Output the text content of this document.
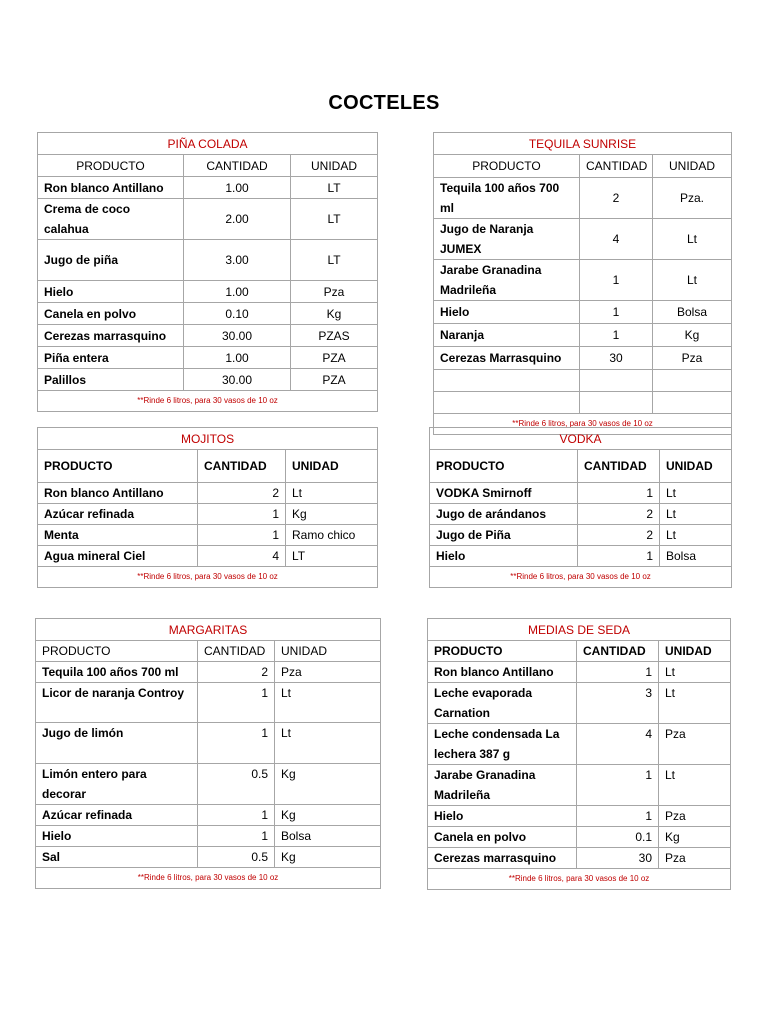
COCTELES
PIÑA COLADA		
PRODUCTO	CANTIDAD	UNIDAD
Ron blanco Antillano	1.00	LT
Crema de coco calahua	2.00	LT
Jugo de piña	3.00	LT
Hielo	1.00	Pza
Canela en polvo	0.10	Kg
Cerezas marrasquino	30.00	PZAS
Piña entera	1.00	PZA
Palillos	30.00	PZA
**Rinde 6 litros, para 30 vasos de 10 oz		
TEQUILA SUNRISE		
PRODUCTO	CANTIDAD	UNIDAD
Tequila 100 años 700 ml	2	Pza.
Jugo de Naranja JUMEX	4	Lt
Jarabe Granadina Madrileña	1	Lt
Hielo	1	Bolsa
Naranja	1	Kg
Cerezas Marrasquino	30	Pza

**Rinde 6 litros, para 30 vasos de 10 oz		
MOJITOS		
PRODUCTO	CANTIDAD	UNIDAD
Ron blanco Antillano	2	Lt
Azúcar refinada	1	Kg
Menta	1	Ramo chico
Agua mineral Ciel	4	LT
**Rinde 6 litros, para 30 vasos de 10 oz		
VODKA		
PRODUCTO	CANTIDAD	UNIDAD
VODKA Smirnoff	1	Lt
Jugo de arándanos	2	Lt
Jugo de Piña	2	Lt
Hielo	1	Bolsa
**Rinde 6 litros, para 30 vasos de 10 oz		
MARGARITAS		
PRODUCTO	CANTIDAD	UNIDAD
Tequila 100 años 700 ml	2	Pza
Licor de naranja Controy	1	Lt
Jugo de limón	1	Lt
Limón entero para decorar	0.5	Kg
Azúcar refinada	1	Kg
Hielo	1	Bolsa
Sal	0.5	Kg
**Rinde 6 litros, para 30 vasos de 10 oz		
MEDIAS DE SEDA		
PRODUCTO	CANTIDAD	UNIDAD
Ron blanco Antillano	1	Lt
Leche evaporada Carnation	3	Lt
Leche condensada La lechera 387 g	4	Pza
Jarabe Granadina Madrileña	1	Lt
Hielo	1	Pza
Canela en polvo	0.1	Kg
Cerezas marrasquino	30	Pza
**Rinde 6 litros, para 30 vasos de 10 oz		
